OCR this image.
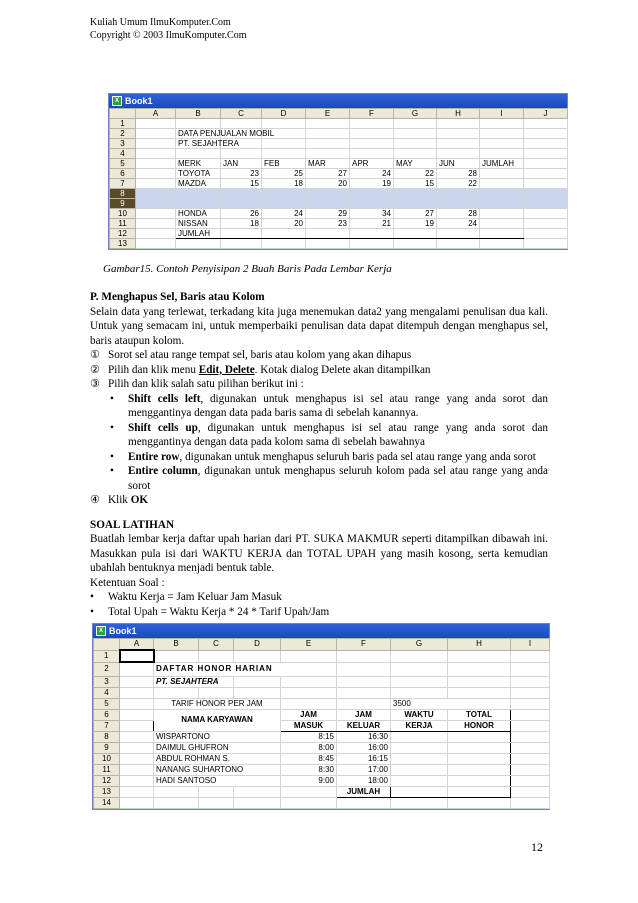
Kuliah Umum IlmuKomputer.Com
Copyright © 2003 IlmuKomputer.Com
X Book1
	A	B	C	D	E	F	G	H	I	J
1										
2		DATA PENJUALAN MOBIL								
3		PT. SEJAHTERA								
4										
5		MERK	JAN	FEB	MAR	APR	MAY	JUN	JUMLAH	
6		TOYOTA	23	25	27	24	22	28		
7		MAZDA	15	18	20	19	15	22		
8										
9										
10		HONDA	26	24	29	34	27	28		
11		NISSAN	18	20	23	21	19	24		
12		JUMLAH								
13										
Gambar15. Contoh Penyisipan 2 Buah Baris Pada Lembar Kerja

P. Menghapus Sel, Baris atau Kolom

Selain data yang terlewat, terkadang kita juga menemukan data2 yang mengalami penulisan dua kali. Untuk yang semacam ini, untuk memperbaiki penulisan data dapat ditempuh dengan menghapus sel, baris ataupun kolom.

① Sorot sel atau range tempat sel, baris atau kolom yang akan dihapus
② Pilih dan klik menu Edit, Delete. Kotak dialog Delete akan ditampilkan
③ Pilih dan klik salah satu pilihan berikut ini :
•	Shift cells left, digunakan untuk menghapus isi sel atau range yang anda sorot dan menggantinya dengan data pada baris sama di sebelah kanannya.
•	Shift cells up, digunakan untuk menghapus isi sel atau range yang anda sorot dan menggantinya dengan data pada kolom sama di sebelah bawahnya
•	Entire row, digunakan untuk menghapus seluruh baris pada sel atau range yang anda sorot
•	Entire column, digunakan untuk menghapus seluruh kolom pada sel atau range yang anda sorot
④ Klik OK

SOAL LATIHAN

Buatlah lembar kerja daftar upah harian dari PT. SUKA MAKMUR seperti ditampilkan dibawah ini. Masukkan pula isi dari WAKTU KERJA dan TOTAL UPAH yang masih kosong, serta kemudian ubahlah bentuknya menjadi bentuk table.

Ketentuan Soal :

•	Waktu Kerja = Jam Keluar Jam Masuk
•	Total Upah = Waktu Kerja * 24 * Tarif Upah/Jam
X Book1
	A	B	C	D	E	F	G	H	I	
1										
2		DAFTAR HONOR HARIAN								
3		PT. SEJAHTERA								
4										
5		TARIF HONOR PER JAM					3500			
6		NAMA KARYAWAN			JAM	JAM	WAKTU	TOTAL		
7					MASUK	KELUAR	KERJA	HONOR		
8		WISPARTONO			8:15	16:30				
9		DAIMUL GHUFRON			8:00	16:00				
10		ABDUL ROHMAN S.			8:45	16:15				
11		NANANG SUHARTONO			8:30	17:00				
12		HADI SANTOSO			9:00	18:00				
13						JUMLAH				
14										
12
